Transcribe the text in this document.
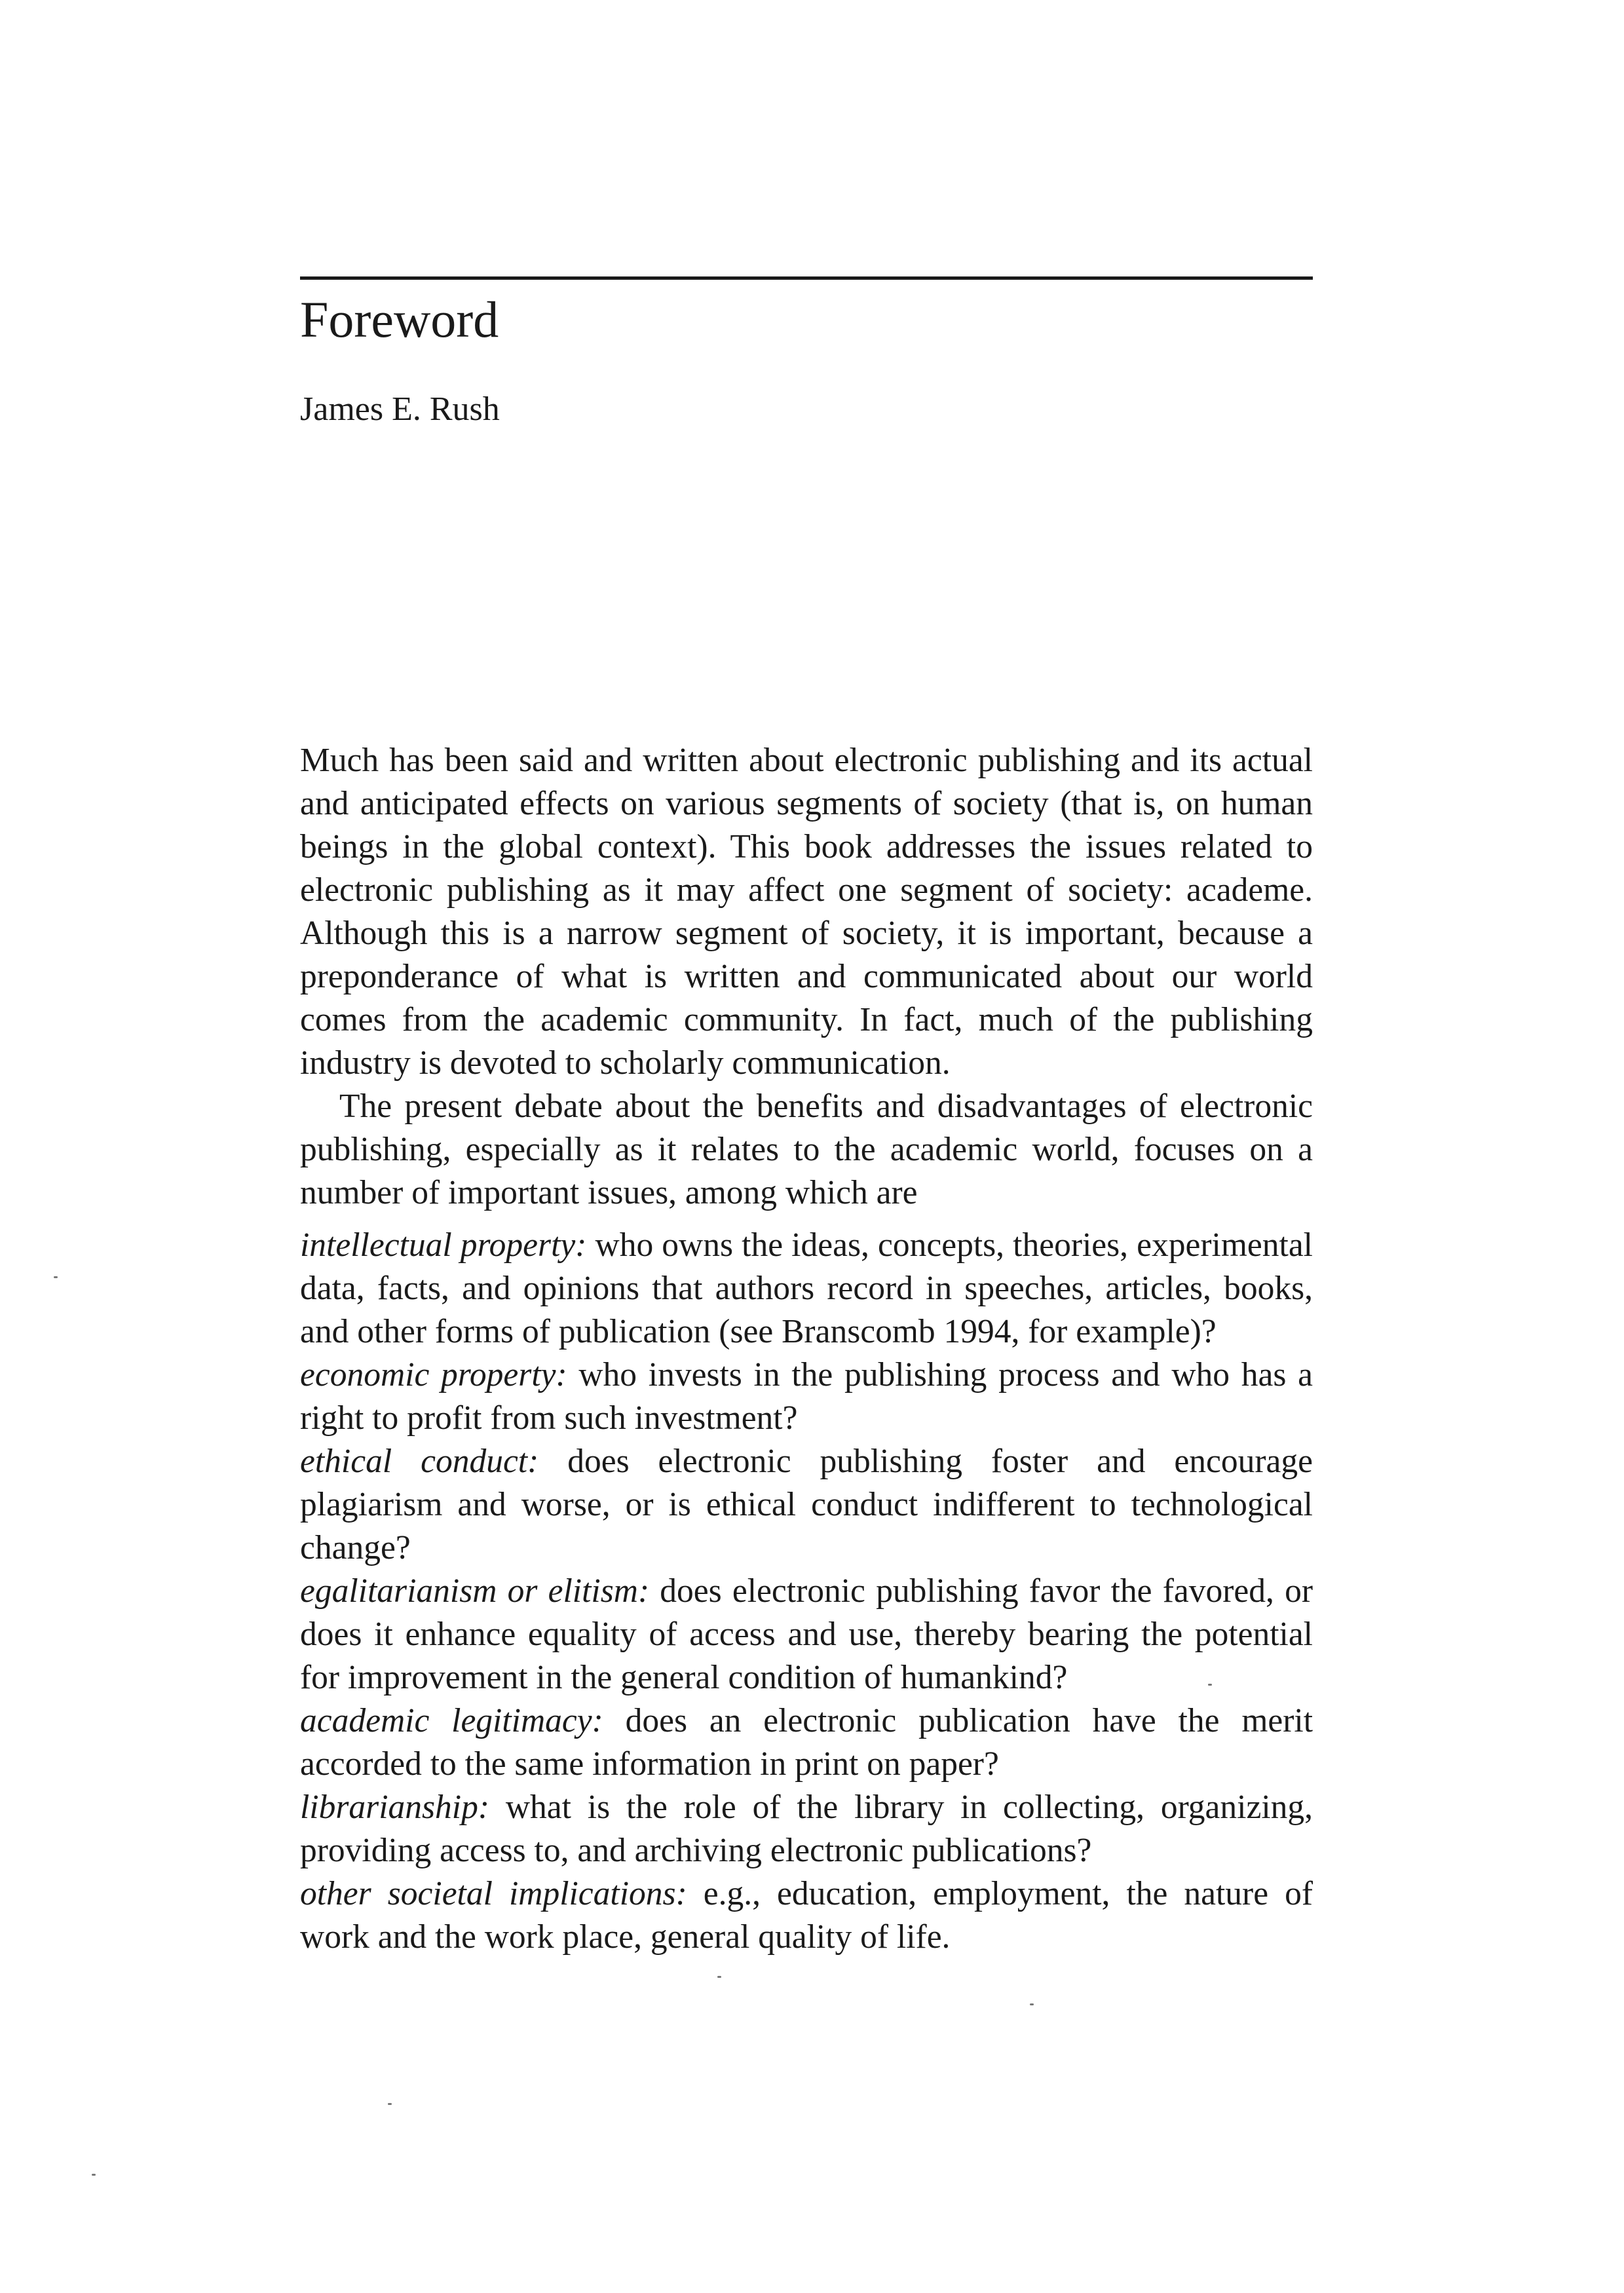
Foreword

James E. Rush

Much has been said and written about electronic publishing and its actual and anticipated effects on various segments of society (that is, on human beings in the global context). This book addresses the issues related to electronic publishing as it may affect one segment of society: academe. Although this is a narrow segment of society, it is important, because a preponderance of what is written and communicated about our world comes from the academic community. In fact, much of the publishing industry is devoted to scholarly communication.

The present debate about the benefits and disadvantages of electronic publishing, especially as it relates to the academic world, focuses on a number of important issues, among which are

intellectual property: who owns the ideas, concepts, theories, experimental data, facts, and opinions that authors record in speeches, articles, books, and other forms of publication (see Branscomb 1994, for example)?

economic property: who invests in the publishing process and who has a right to profit from such investment?

ethical conduct: does electronic publishing foster and encourage plagiarism and worse, or is ethical conduct indifferent to technological change?

egalitarianism or elitism: does electronic publishing favor the favored, or does it enhance equality of access and use, thereby bearing the potential for improvement in the general condition of humankind?

academic legitimacy: does an electronic publication have the merit accorded to the same information in print on paper?

librarianship: what is the role of the library in collecting, organizing, providing access to, and archiving electronic publications?

other societal implications: e.g., education, employment, the nature of work and the work place, general quality of life.
